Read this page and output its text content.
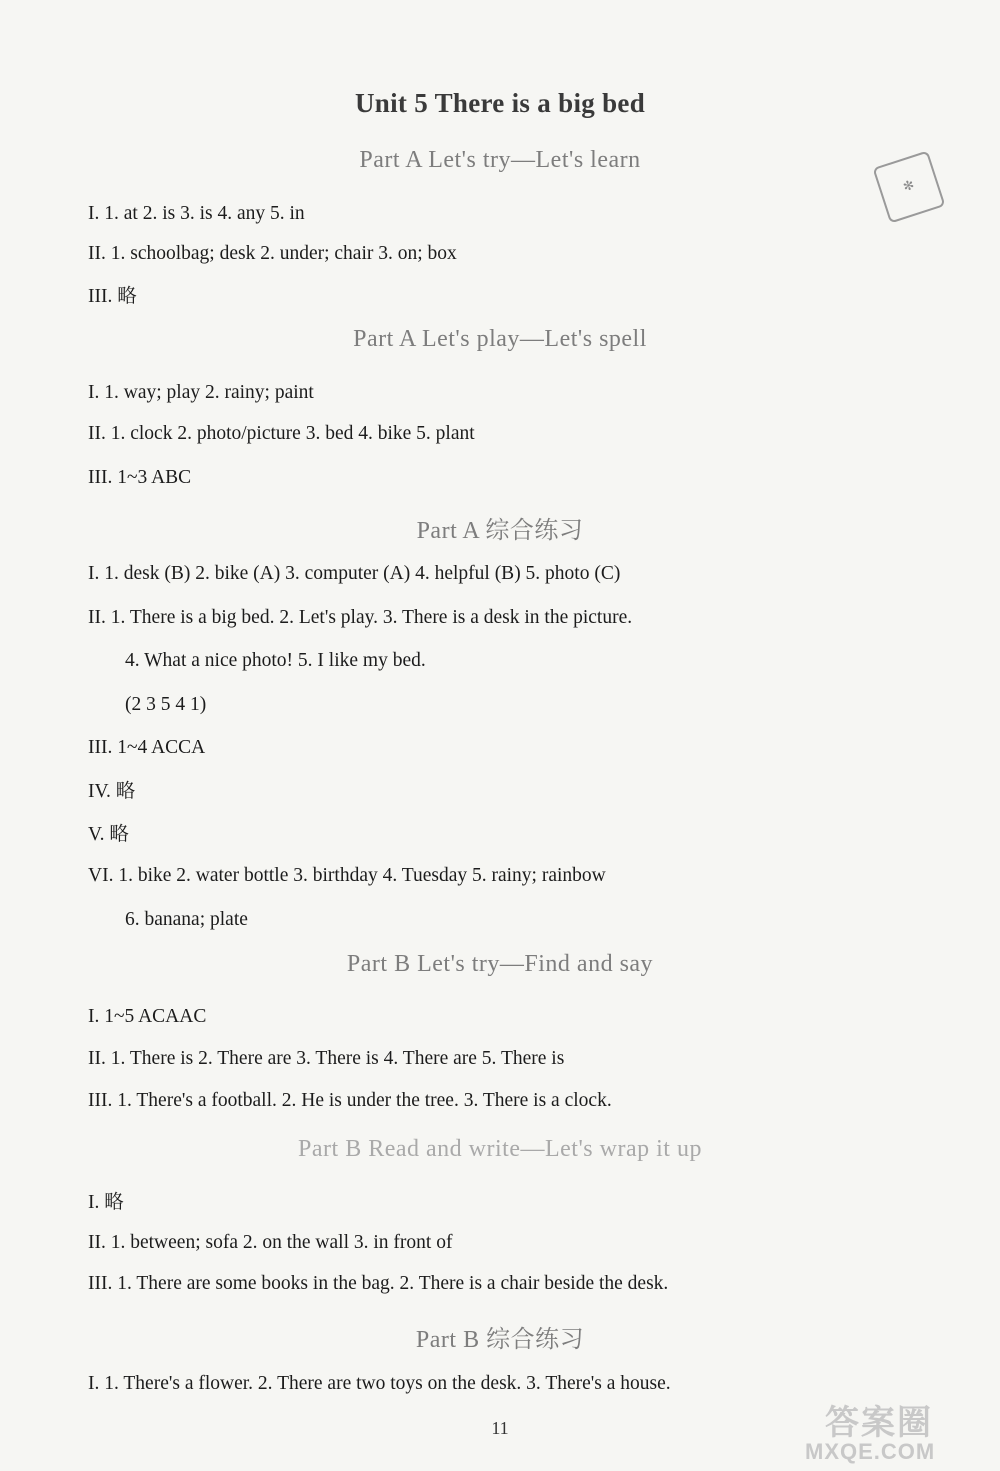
✻
Unit 5 There is a big bed
Part A Let's try—Let's learn
I. 1. at 2. is 3. is 4. any 5. in
II. 1. schoolbag; desk 2. under; chair 3. on; box
III. 略
Part A Let's play—Let's spell
I. 1. way; play 2. rainy; paint
II. 1. clock 2. photo/picture 3. bed 4. bike 5. plant
III. 1~3 ABC
Part A 综合练习
I. 1. desk (B) 2. bike (A) 3. computer (A) 4. helpful (B) 5. photo (C)
II. 1. There is a big bed. 2. Let's play. 3. There is a desk in the picture.
4. What a nice photo! 5. I like my bed.
(2 3 5 4 1)
III. 1~4 ACCA
IV. 略
V. 略
VI. 1. bike 2. water bottle 3. birthday 4. Tuesday 5. rainy; rainbow
6. banana; plate
Part B Let's try—Find and say
I. 1~5 ACAAC
II. 1. There is 2. There are 3. There is 4. There are 5. There is
III. 1. There's a football. 2. He is under the tree. 3. There is a clock.
Part B Read and write—Let's wrap it up
I. 略
II. 1. between; sofa 2. on the wall 3. in front of
III. 1. There are some books in the bag. 2. There is a chair beside the desk.
Part B 综合练习
I. 1. There's a flower. 2. There are two toys on the desk. 3. There's a house.
11	答案圈
MXQE.COM
